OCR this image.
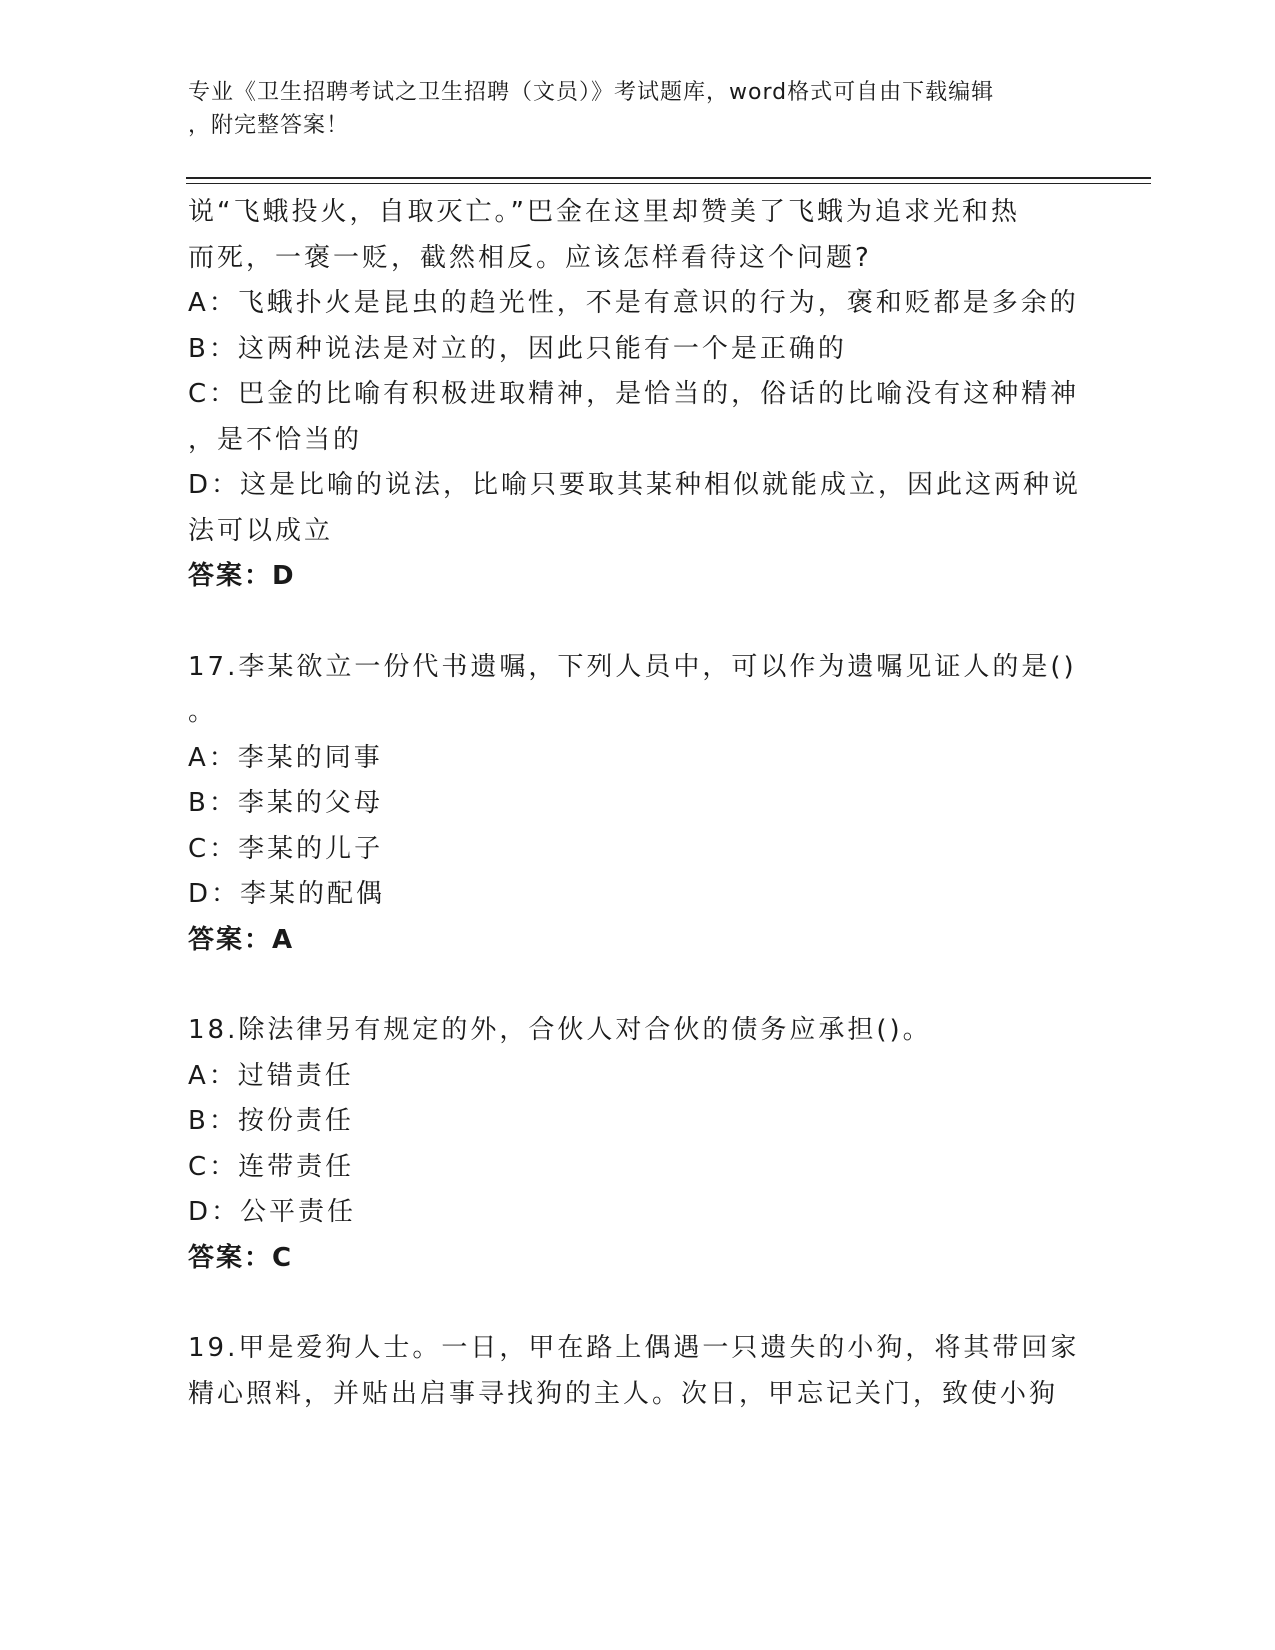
专业《卫生招聘考试之卫生招聘（文员）》考试题库，word格式可自由下载编辑
，附完整答案！
说“飞蛾投火，自取灭亡。”巴金在这里却赞美了飞蛾为追求光和热
而死，一褒一贬，截然相反。应该怎样看待这个问题?
A：飞蛾扑火是昆虫的趋光性，不是有意识的行为，褒和贬都是多余的
B：这两种说法是对立的，因此只能有一个是正确的
C：巴金的比喻有积极进取精神，是恰当的，俗话的比喻没有这种精神
，是不恰当的
D：这是比喻的说法，比喻只要取其某种相似就能成立，因此这两种说
法可以成立
答案：D
17.李某欲立一份代书遗嘱，下列人员中，可以作为遗嘱见证人的是()
。
A：李某的同事
B：李某的父母
C：李某的儿子
D：李某的配偶
答案：A
18.除法律另有规定的外，合伙人对合伙的债务应承担()。
A：过错责任
B：按份责任
C：连带责任
D：公平责任
答案：C
19.甲是爱狗人士。一日，甲在路上偶遇一只遗失的小狗，将其带回家
精心照料，并贴出启事寻找狗的主人。次日，甲忘记关门，致使小狗
